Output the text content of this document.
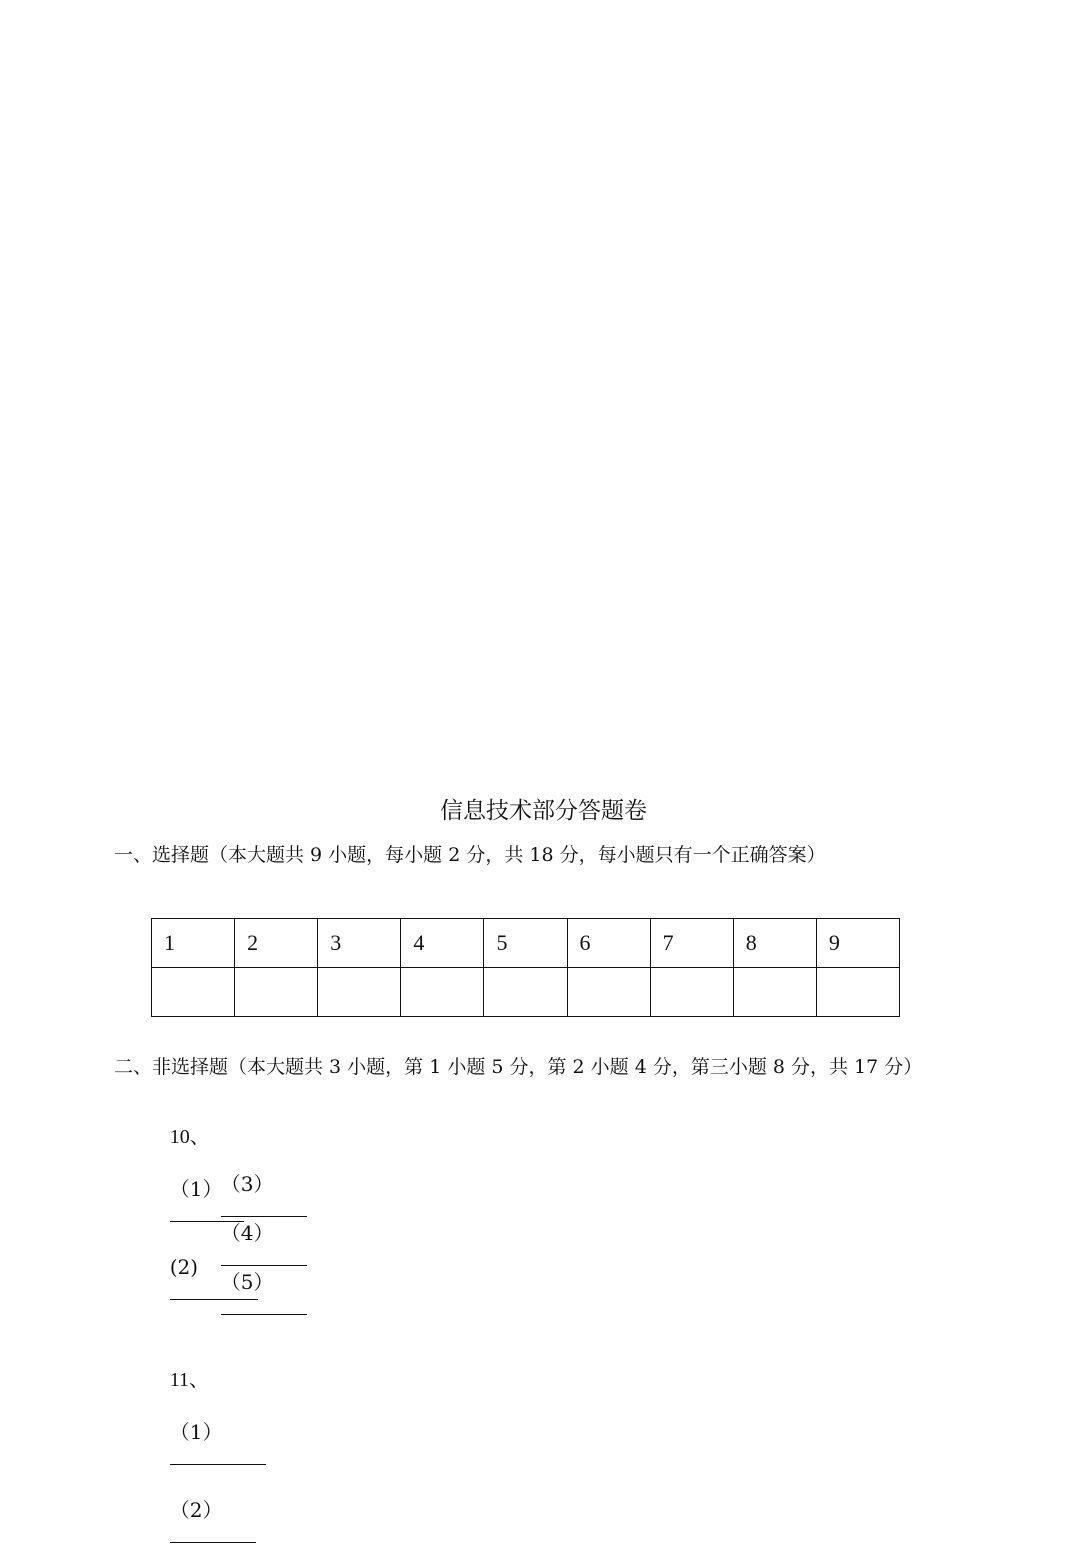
信息技术部分答题卷
一、选择题（本大题共 9 小题，每小题 2 分，共 18 分，每小题只有一个正确答案）
1	2	3	4	5	6	7	8	9

二、非选择题（本大题共 3 小题，第 1 小题 5 分，第 2 小题 4 分，第三小题 8 分，共 17 分）

10、

（1）

(2)

（3）

（4）

（5）

11、

（1）

（2）
